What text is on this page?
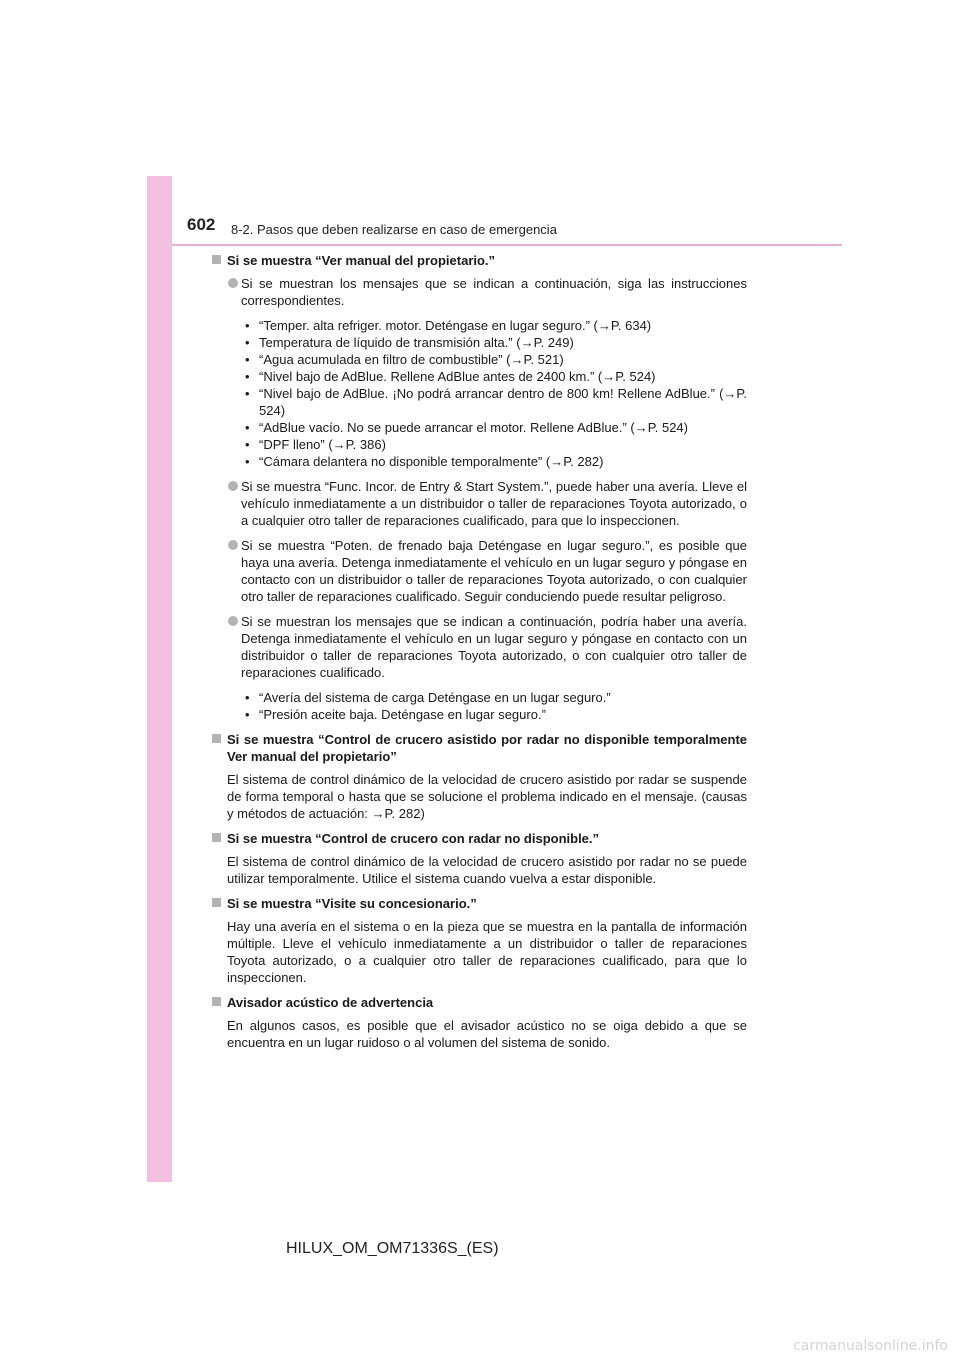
602 8-2. Pasos que deben realizarse en caso de emergencia
Si se muestra “Ver manual del propietario.”
Si se muestran los mensajes que se indican a continuación, siga las instrucciones correspondientes.
• “Temper. alta refriger. motor. Deténgase en lugar seguro.” (→P. 634)
• Temperatura de líquido de transmisión alta.” (→P. 249)
• “Agua acumulada en filtro de combustible” (→P. 521)
• “Nivel bajo de AdBlue. Rellene AdBlue antes de 2400 km.” (→P. 524)
• “Nivel bajo de AdBlue. ¡No podrá arrancar dentro de 800 km! Rellene AdBlue.” (→P. 524)
• “AdBlue vacío. No se puede arrancar el motor. Rellene AdBlue.” (→P. 524)
• “DPF lleno” (→P. 386)
• “Cámara delantera no disponible temporalmente” (→P. 282)
Si se muestra “Func. Incor. de Entry & Start System.”, puede haber una avería. Lleve el vehículo inmediatamente a un distribuidor o taller de reparaciones Toyota autorizado, o a cualquier otro taller de reparaciones cualificado, para que lo inspeccionen.
Si se muestra “Poten. de frenado baja Deténgase en lugar seguro.”, es posible que haya una avería. Detenga inmediatamente el vehículo en un lugar seguro y póngase en contacto con un distribuidor o taller de reparaciones Toyota autorizado, o con cualquier otro taller de reparaciones cualificado. Seguir conduciendo puede resultar peligroso.
Si se muestran los mensajes que se indican a continuación, podría haber una avería. Detenga inmediatamente el vehículo en un lugar seguro y póngase en contacto con un distribuidor o taller de reparaciones Toyota autorizado, o con cualquier otro taller de reparaciones cualificado.
• “Avería del sistema de carga Deténgase en un lugar seguro.”
• “Presión aceite baja. Deténgase en lugar seguro.”
Si se muestra “Control de crucero asistido por radar no disponible temporalmente Ver manual del propietario”
El sistema de control dinámico de la velocidad de crucero asistido por radar se suspende de forma temporal o hasta que se solucione el problema indicado en el mensaje. (causas y métodos de actuación: →P. 282)
Si se muestra “Control de crucero con radar no disponible.”
El sistema de control dinámico de la velocidad de crucero asistido por radar no se puede utilizar temporalmente. Utilice el sistema cuando vuelva a estar disponible.
Si se muestra “Visite su concesionario.”
Hay una avería en el sistema o en la pieza que se muestra en la pantalla de información múltiple. Lleve el vehículo inmediatamente a un distribuidor o taller de reparaciones Toyota autorizado, o a cualquier otro taller de reparaciones cualificado, para que lo inspeccionen.
Avisador acústico de advertencia
En algunos casos, es posible que el avisador acústico no se oiga debido a que se encuentra en un lugar ruidoso o al volumen del sistema de sonido.
HILUX_OM_OM71336S_(ES)
carmanualsonline.info
